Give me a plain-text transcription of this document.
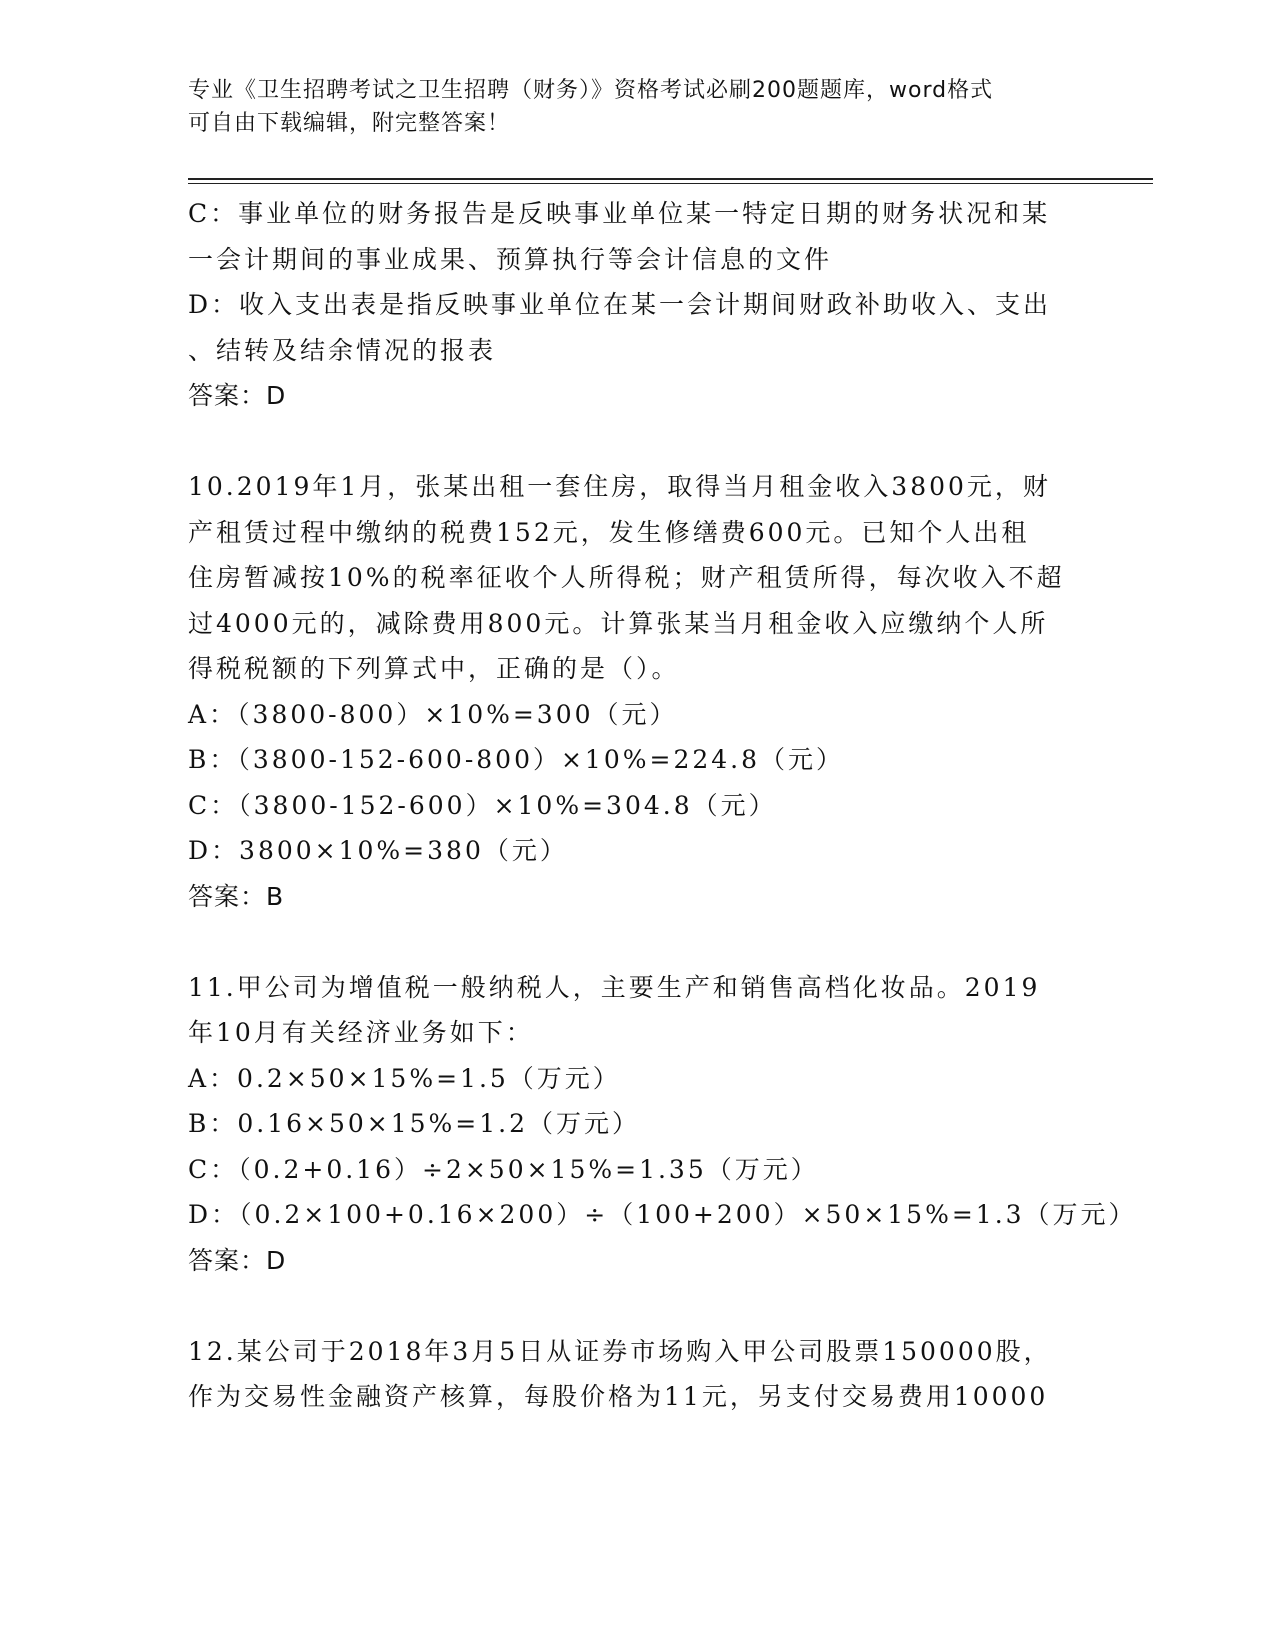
专业《卫生招聘考试之卫生招聘（财务）》资格考试必刷200题题库，word格式
可自由下载编辑，附完整答案！
C：事业单位的财务报告是反映事业单位某一特定日期的财务状况和某
一会计期间的事业成果、预算执行等会计信息的文件
D：收入支出表是指反映事业单位在某一会计期间财政补助收入、支出
、结转及结余情况的报表
答案：D
10.2019年1月，张某出租一套住房，取得当月租金收入3800元，财
产租赁过程中缴纳的税费152元，发生修缮费600元。已知个人出租
住房暂减按10%的税率征收个人所得税；财产租赁所得，每次收入不超
过4000元的，减除费用800元。计算张某当月租金收入应缴纳个人所
得税税额的下列算式中，正确的是（）。
A：（3800-800）×10%=300（元）
B：（3800-152-600-800）×10%=224.8（元）
C：（3800-152-600）×10%=304.8（元）
D：3800×10%=380（元）
答案：B
11.甲公司为增值税一般纳税人，主要生产和销售高档化妆品。2019
年10月有关经济业务如下：
A：0.2×50×15%=1.5（万元）
B：0.16×50×15%=1.2（万元）
C：（0.2+0.16）÷2×50×15%=1.35（万元）
D：（0.2×100+0.16×200）÷（100+200）×50×15%=1.3（万元）
答案：D
12.某公司于2018年3月5日从证券市场购入甲公司股票150000股，
作为交易性金融资产核算，每股价格为11元，另支付交易费用10000
